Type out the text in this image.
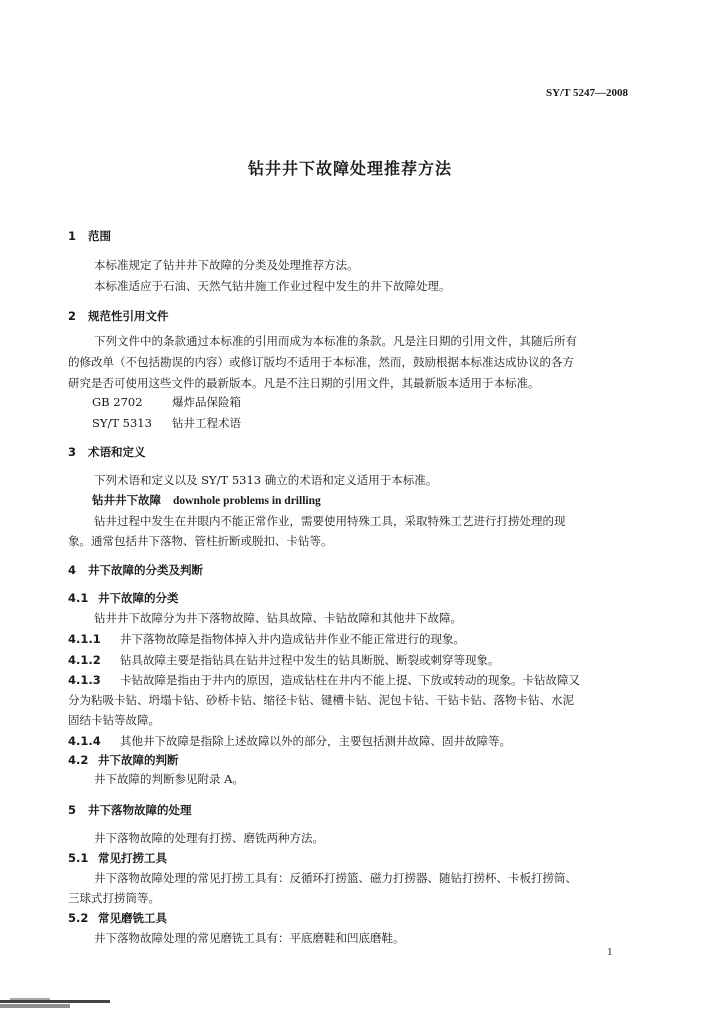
SY/T 5247—2008
钻井井下故障处理推荐方法
1 范围
本标准规定了钻井井下故障的分类及处理推荐方法。
本标准适应于石油、天然气钻井施工作业过程中发生的井下故障处理。
2 规范性引用文件
下列文件中的条款通过本标准的引用而成为本标准的条款。凡是注日期的引用文件，其随后所有
的修改单（不包括勘误的内容）或修订版均不适用于本标准，然而，鼓励根据本标准达成协议的各方
研究是否可使用这些文件的最新版本。凡是不注日期的引用文件，其最新版本适用于本标准。
GB 2702	爆炸品保险箱
SY/T 5313 钻井工程术语
3 术语和定义
下列术语和定义以及 SY/T 5313 确立的术语和定义适用于本标准。
钻井井下故障 downhole problems in drilling
钻井过程中发生在井眼内不能正常作业，需要使用特殊工具，采取特殊工艺进行打捞处理的现
象。通常包括井下落物、管柱折断或脱扣、卡钻等。
4 井下故障的分类及判断
4.1 井下故障的分类
钻井井下故障分为井下落物故障、钻具故障、卡钻故障和其他井下故障。
4.1.1 井下落物故障是指物体掉入井内造成钻井作业不能正常进行的现象。
4.1.2 钻具故障主要是指钻具在钻井过程中发生的钻具断脱、断裂或刺穿等现象。
4.1.3 卡钻故障是指由于井内的原因，造成钻柱在井内不能上提、下放或转动的现象。卡钻故障又
分为粘吸卡钻、坍塌卡钻、砂桥卡钻、缩径卡钻、键槽卡钻、泥包卡钻、干钻卡钻、落物卡钻、水泥
固结卡钻等故障。
4.1.4 其他井下故障是指除上述故障以外的部分，主要包括测井故障、固井故障等。
4.2 井下故障的判断
井下故障的判断参见附录 A。
5 井下落物故障的处理
井下落物故障的处理有打捞、磨铣两种方法。
5.1 常见打捞工具
井下落物故障处理的常见打捞工具有：反循环打捞篮、磁力打捞器、随钻打捞杯、卡板打捞筒、
三球式打捞筒等。
5.2 常见磨铣工具
井下落物故障处理的常见磨铣工具有：平底磨鞋和凹底磨鞋。
1
